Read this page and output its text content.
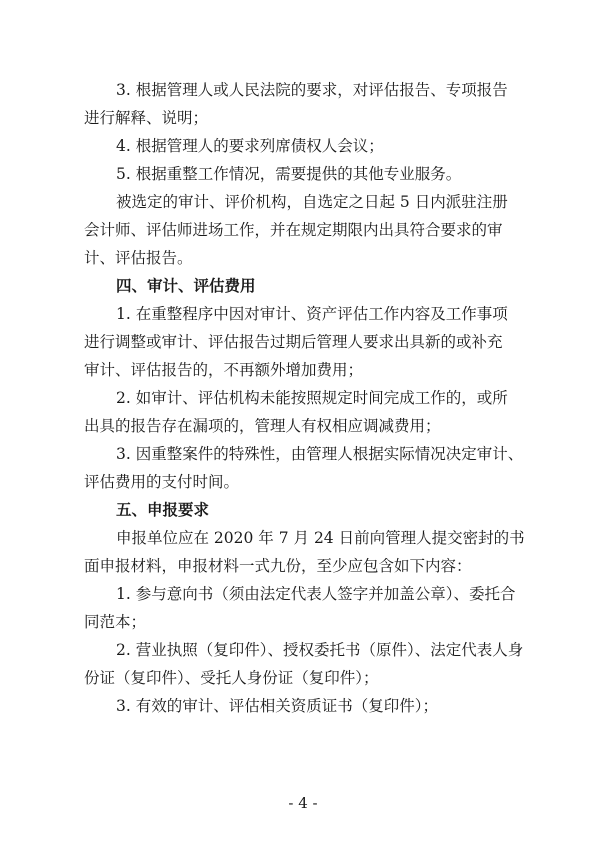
3. 根据管理人或人民法院的要求，对评估报告、专项报告
进行解释、说明；

4. 根据管理人的要求列席债权人会议；

5. 根据重整工作情况，需要提供的其他专业服务。

被选定的审计、评价机构，自选定之日起 5 日内派驻注册
会计师、评估师进场工作，并在规定期限内出具符合要求的审
计、评估报告。

四、审计、评估费用

1. 在重整程序中因对审计、资产评估工作内容及工作事项
进行调整或审计、评估报告过期后管理人要求出具新的或补充
审计、评估报告的，不再额外增加费用；

2. 如审计、评估机构未能按照规定时间完成工作的，或所
出具的报告存在漏项的，管理人有权相应调减费用；

3. 因重整案件的特殊性，由管理人根据实际情况决定审计、
评估费用的支付时间。

五、申报要求

申报单位应在 2020 年 7 月 24 日前向管理人提交密封的书
面申报材料，申报材料一式九份，至少应包含如下内容：

1. 参与意向书（须由法定代表人签字并加盖公章）、委托合
同范本；

2. 营业执照（复印件）、授权委托书（原件）、法定代表人身
份证（复印件）、受托人身份证（复印件）；

3. 有效的审计、评估相关资质证书（复印件）；

- 4 -
